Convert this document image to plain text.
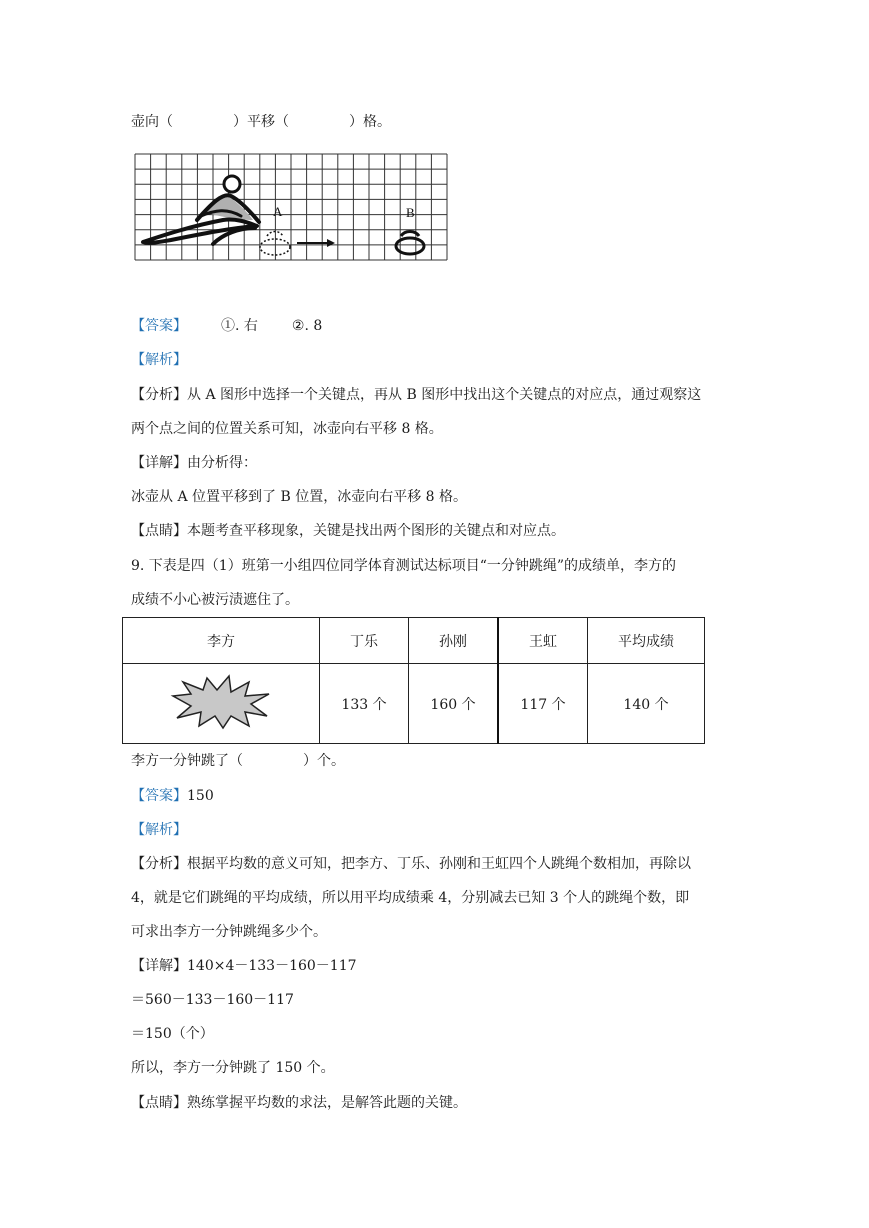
壶向（	）平移（	）格。
A	B
【答案】 ①. 右 ②. 8
【解析】
【分析】从 A 图形中选择一个关键点，再从 B 图形中找出这个关键点的对应点，通过观察这
两个点之间的位置关系可知，冰壶向右平移 8 格。
【详解】由分析得：
冰壶从 A 位置平移到了 B 位置，冰壶向右平移 8 格。
【点睛】本题考查平移现象，关键是找出两个图形的关键点和对应点。
9. 下表是四（1）班第一小组四位同学体育测试达标项目“一分钟跳绳”的成绩单，李方的
成绩不小心被污渍遮住了。
李方	丁乐	孙刚	王虹	平均成绩
	133 个	160 个	117 个	140 个
李方一分钟跳了（	）个。
【答案】150
【解析】
【分析】根据平均数的意义可知，把李方、丁乐、孙刚和王虹四个人跳绳个数相加，再除以
4，就是它们跳绳的平均成绩，所以用平均成绩乘 4，分别减去已知 3 个人的跳绳个数，即
可求出李方一分钟跳绳多少个。
【详解】140×4－133－160－117
＝560－133－160－117
＝150（个）
所以，李方一分钟跳了 150 个。
【点睛】熟练掌握平均数的求法，是解答此题的关键。
